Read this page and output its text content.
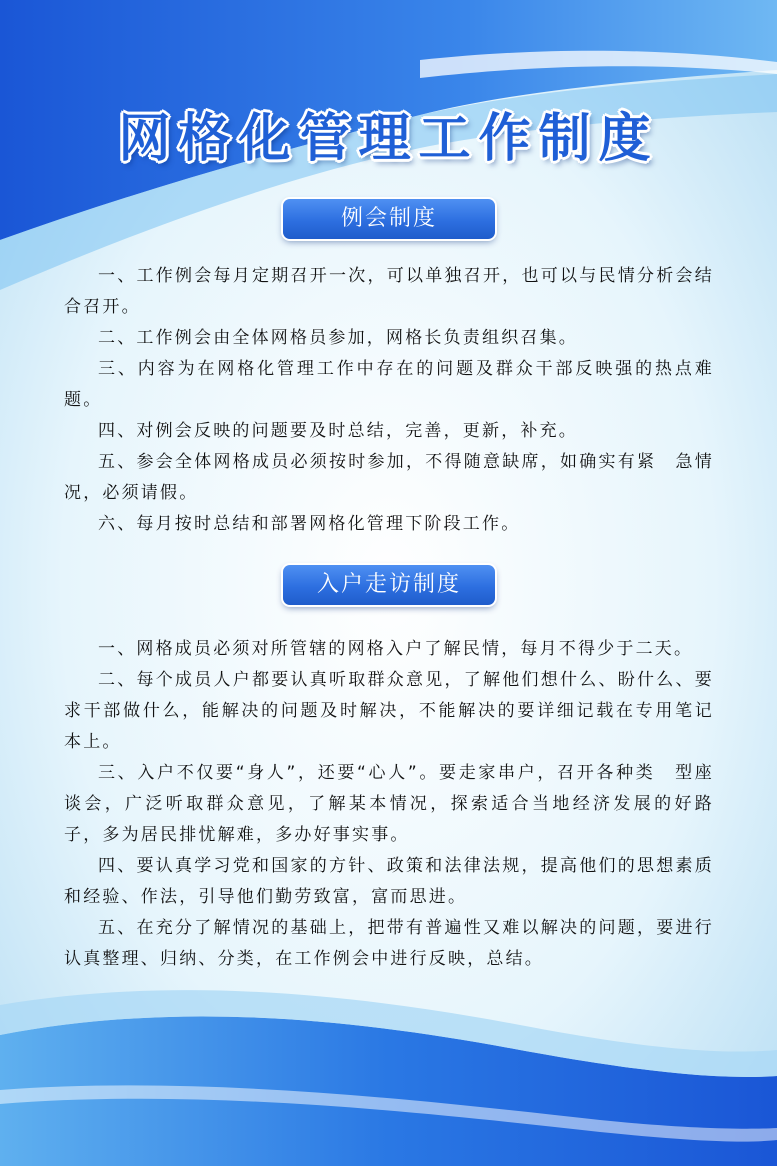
网格化管理工作制度
例会制度

一、工作例会每月定期召开一次，可以单独召开，也可以与民情分析会结合召开。

二、工作例会由全体网格员参加，网格长负责组织召集。

三、内容为在网格化管理工作中存在的问题及群众干部反映强的热点难题。

四、对例会反映的问题要及时总结，完善，更新，补充。

五、参会全体网格成员必须按时参加，不得随意缺席，如确实有紧　急情况，必须请假。

六、每月按时总结和部署网格化管理下阶段工作。

入户走访制度

一、网格成员必须对所管辖的网格入户了解民情，每月不得少于二天。

二、每个成员人户都要认真听取群众意见，了解他们想什么、盼什么、要求干部做什么，能解决的问题及时解决，不能解决的要详细记载在专用笔记本上。

三、入户不仅要“身人”，还要“心人”。要走家串户，召开各种类　型座谈会，广泛听取群众意见，了解某本情况，探索适合当地经济发展的好路子，多为居民排忧解难，多办好事实事。

四、要认真学习党和国家的方针、政策和法律法规，提高他们的思想素质和经验、作法，引导他们勤劳致富，富而思进。

五、在充分了解情况的基础上，把带有普遍性又难以解决的问题，要进行认真整理、归纳、分类，在工作例会中进行反映，总结。
